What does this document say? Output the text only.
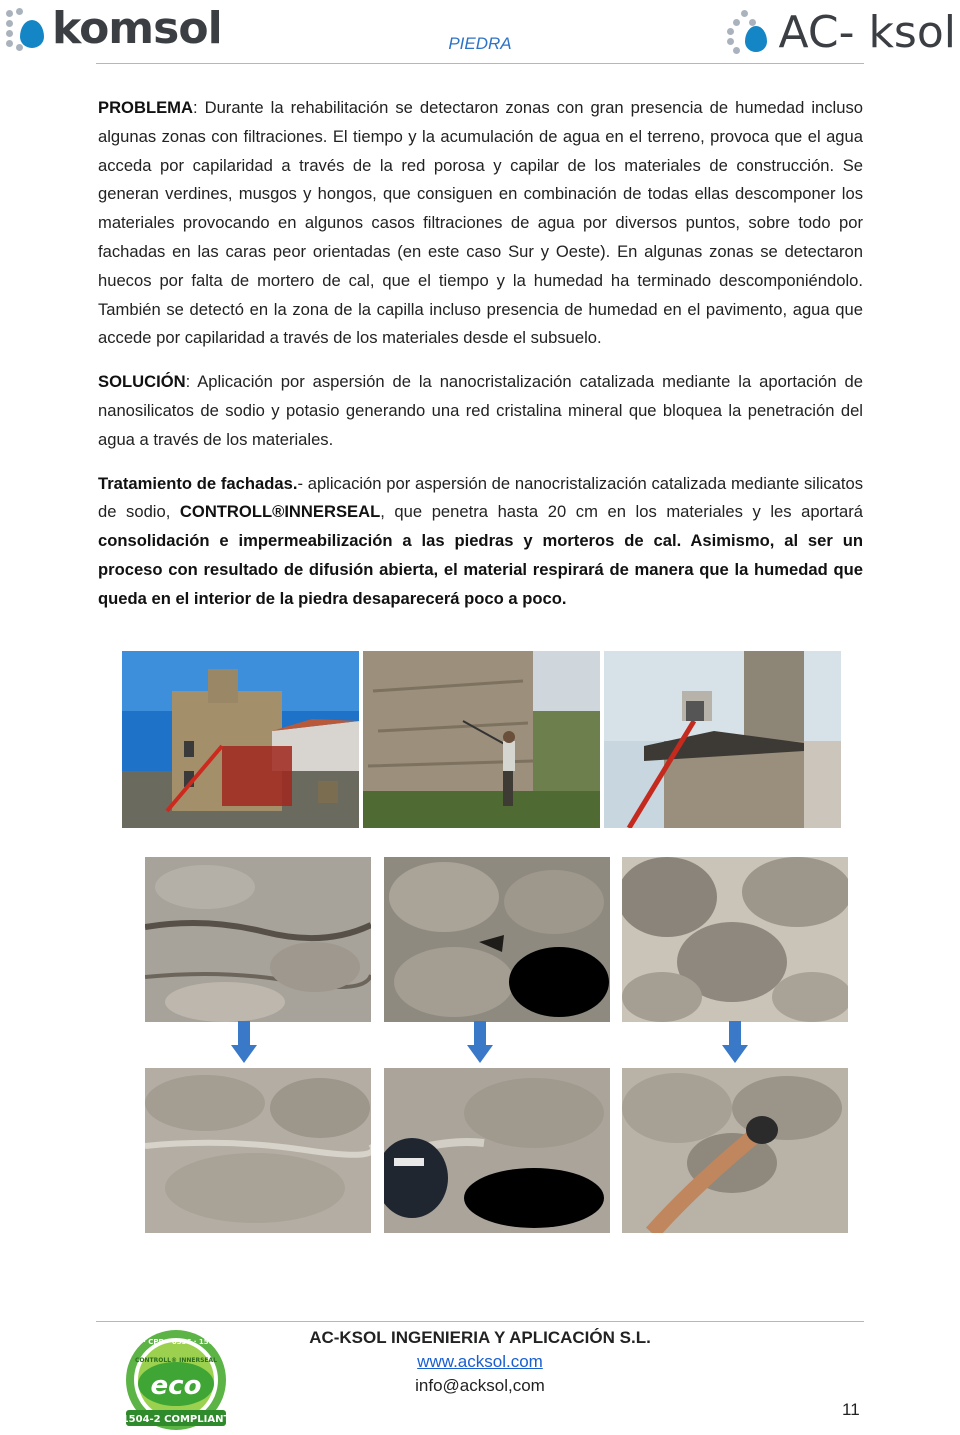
komsol	PIEDRA	AC- ksol

PROBLEMA: Durante la rehabilitación se detectaron zonas con gran presencia de humedad incluso algunas zonas con filtraciones. El tiempo y la acumulación de agua en el terreno, provoca que el agua acceda por capilaridad a través de la red porosa y capilar de los materiales de construcción. Se generan verdines, musgos y hongos, que consiguen en combinación de todas ellas descomponer los materiales provocando en algunos casos filtraciones de agua por diversos puntos, sobre todo por fachadas en las caras peor orientadas (en este caso Sur y Oeste). En algunas zonas se detectaron huecos por falta de mortero de cal, que el tiempo y la humedad ha terminado descomponiéndolo. También se detectó en la zona de la capilla incluso presencia de humedad en el pavimento, agua que accede por capilaridad a través de los materiales desde el subsuelo.

SOLUCIÓN: Aplicación por aspersión de la nanocristalización catalizada mediante la aportación de nanosilicatos de sodio y potasio generando una red cristalina mineral que bloquea la penetración del agua a través de los materiales.

Tratamiento de fachadas.- aplicación por aspersión de nanocristalización catalizada mediante silicatos de sodio, CONTROLL®INNERSEAL, que penetra hasta 20 cm en los materiales y les aportará consolidación e impermeabilización a las piedras y morteros de cal. Asimismo, al ser un proceso con resultado de difusión abierta, el material respirará de manera que la humedad que queda en el interior de la piedra desaparecerá poco a poco.

1111 · CPD · 0556 · 1504 · 8
CONTROLL® INNERSEAL
eco
1504-2 COMPLIANT
AC-KSOL INGENIERIA Y APLICACIÓN S.L.
www.acksol.com
info@acksol,com
11
